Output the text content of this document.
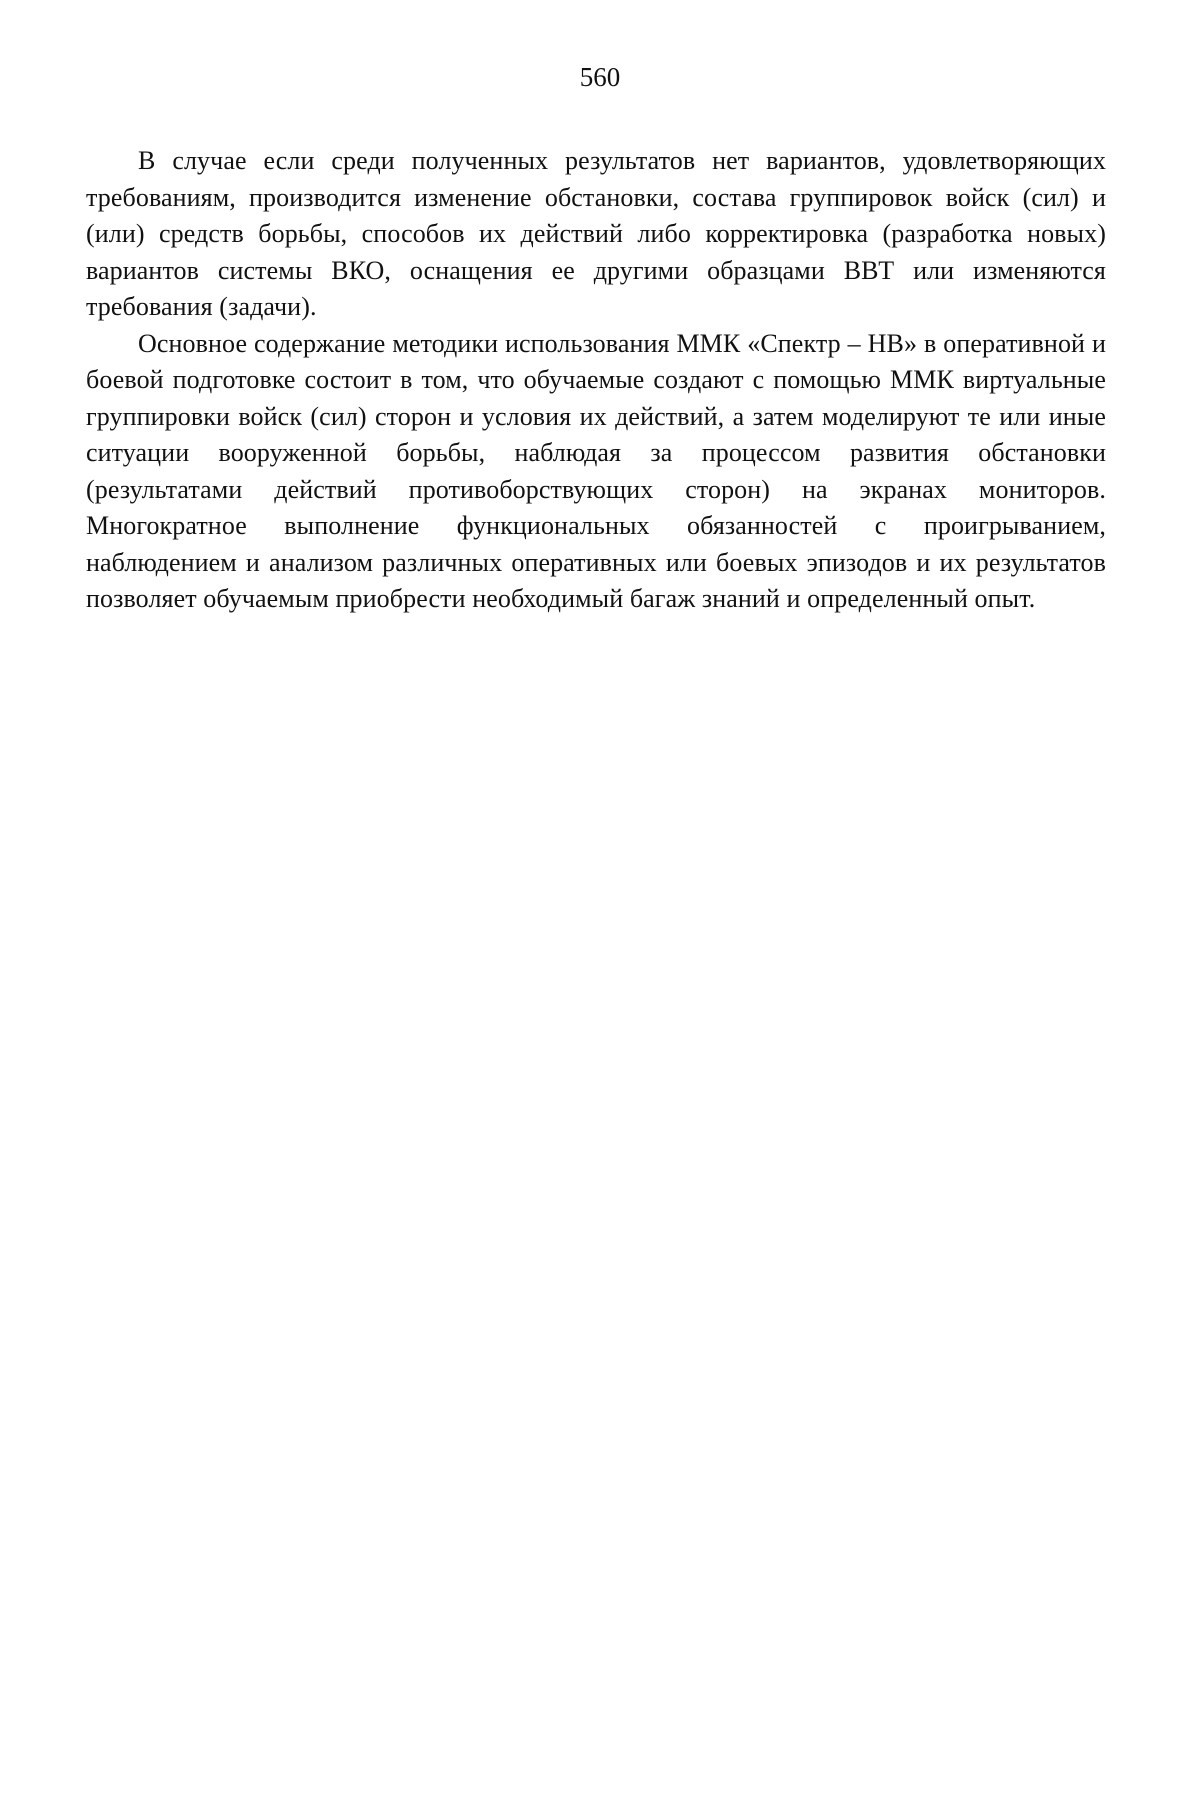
560

В случае если среди полученных результатов нет вариантов, удовлетворяющих требованиям, производится изменение обстановки, состава группировок войск (сил) и (или) средств борьбы, способов их действий либо корректировка (разработка новых) вариантов системы ВКО, оснащения ее другими образцами ВВТ или изменяются требования (задачи).

Основное содержание методики использования ММК «Спектр – НВ» в оперативной и боевой подготовке состоит в том, что обучаемые создают с помощью ММК виртуальные группировки войск (сил) сторон и условия их действий, а затем моделируют те или иные ситуации вооруженной борьбы, наблюдая за процессом развития обстановки (результатами действий противоборствующих сторон) на экранах мониторов. Многократное выполнение функциональных обязанностей с проигрыванием, наблюдением и анализом различных оперативных или боевых эпизодов и их результатов позволяет обучаемым приобрести необходимый багаж знаний и определенный опыт.
